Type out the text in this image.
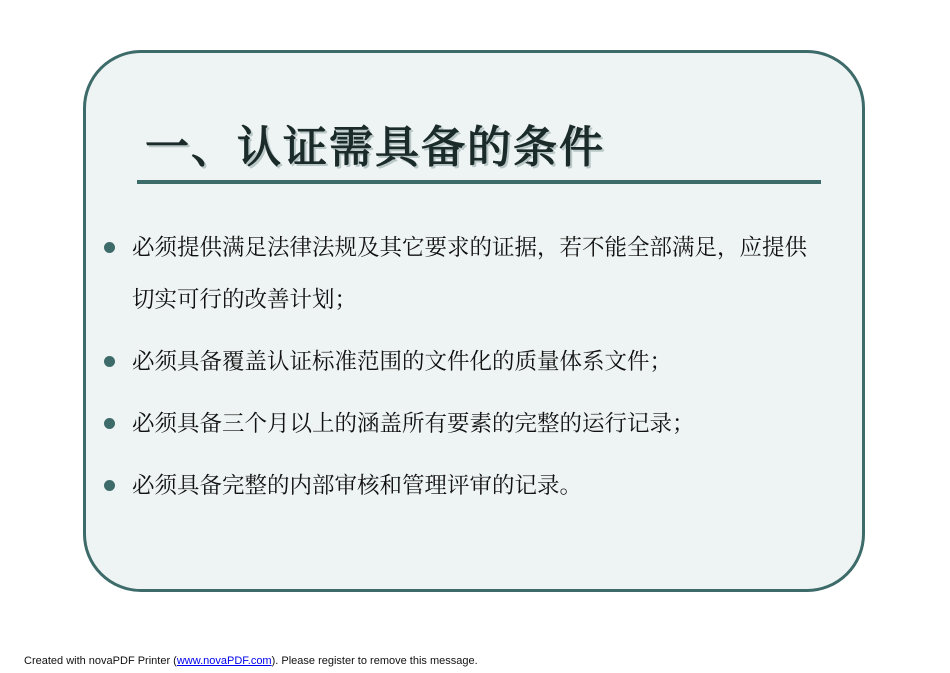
一、认证需具备的条件
必须提供满足法律法规及其它要求的证据，若不能全部满足，应提供切实可行的改善计划；
必须具备覆盖认证标准范围的文件化的质量体系文件；
必须具备三个月以上的涵盖所有要素的完整的运行记录；
必须具备完整的内部审核和管理评审的记录。
Created with novaPDF Printer (www.novaPDF.com). Please register to remove this message.
